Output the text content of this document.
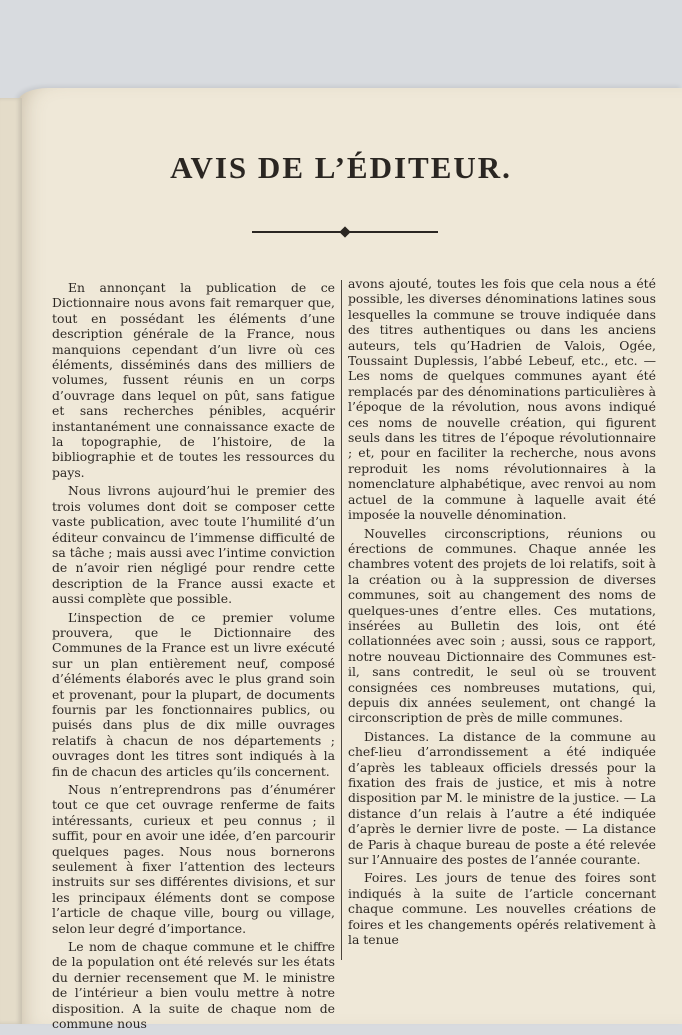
AVIS DE L’ÉDITEUR.

En annonçant la publication de ce Dictionnaire nous avons fait remarquer que, tout en possédant les éléments d’une description générale de la France, nous manquions cependant d’un livre où ces éléments, disséminés dans des milliers de volumes, fussent réunis en un corps d’ouvrage dans lequel on pût, sans fatigue et sans recherches pénibles, acquérir instantanément une connaissance exacte de la topographie, de l’histoire, de la bibliographie et de toutes les ressources du pays.

Nous livrons aujourd’hui le premier des trois volumes dont doit se composer cette vaste publication, avec toute l’humilité d’un éditeur convaincu de l’immense difficulté de sa tâche ; mais aussi avec l’intime conviction de n’avoir rien négligé pour rendre cette description de la France aussi exacte et aussi complète que possible.

L’inspection de ce premier volume prouvera, que le Dictionnaire des Communes de la France est un livre exécuté sur un plan entièrement neuf, composé d’éléments élaborés avec le plus grand soin et provenant, pour la plupart, de documents fournis par les fonctionnaires publics, ou puisés dans plus de dix mille ouvrages relatifs à chacun de nos départements ; ouvrages dont les titres sont indiqués à la fin de chacun des articles qu’ils concernent.

Nous n’entreprendrons pas d’énumérer tout ce que cet ouvrage renferme de faits intéressants, curieux et peu connus ; il suffit, pour en avoir une idée, d’en parcourir quelques pages. Nous nous bornerons seulement à fixer l’attention des lecteurs instruits sur ses différentes divisions, et sur les principaux éléments dont se compose l’article de chaque ville, bourg ou village, selon leur degré d’importance.

Le nom de chaque commune et le chiffre de la population ont été relevés sur les états du dernier recensement que M. le ministre de l’intérieur a bien voulu mettre à notre disposition. A la suite de chaque nom de commune nous

avons ajouté, toutes les fois que cela nous a été possible, les diverses dénominations latines sous lesquelles la commune se trouve indiquée dans des titres authentiques ou dans les anciens auteurs, tels qu’Hadrien de Valois, Ogée, Toussaint Duplessis, l’abbé Lebeuf, etc., etc. — Les noms de quelques communes ayant été remplacés par des dénominations particulières à l’époque de la révolution, nous avons indiqué ces noms de nouvelle création, qui figurent seuls dans les titres de l’époque révolutionnaire ; et, pour en faciliter la recherche, nous avons reproduit les noms révolutionnaires à la nomenclature alphabétique, avec renvoi au nom actuel de la commune à laquelle avait été imposée la nouvelle dénomination.

Nouvelles circonscriptions, réunions ou érections de communes. Chaque année les chambres votent des projets de loi relatifs, soit à la création ou à la suppression de diverses communes, soit au changement des noms de quelques-unes d’entre elles. Ces mutations, insérées au Bulletin des lois, ont été collationnées avec soin ; aussi, sous ce rapport, notre nouveau Dictionnaire des Communes est-il, sans contredit, le seul où se trouvent consignées ces nombreuses mutations, qui, depuis dix années seulement, ont changé la circonscription de près de mille communes.

Distances. La distance de la commune au chef-lieu d’arrondissement a été indiquée d’après les tableaux officiels dressés pour la fixation des frais de justice, et mis à notre disposition par M. le ministre de la justice. — La distance d’un relais à l’autre a été indiquée d’après le dernier livre de poste. — La distance de Paris à chaque bureau de poste a été relevée sur l’Annuaire des postes de l’année courante.

Foires. Les jours de tenue des foires sont indiqués à la suite de l’article concernant chaque commune. Les nouvelles créations de foires et les changements opérés relativement à la tenue
